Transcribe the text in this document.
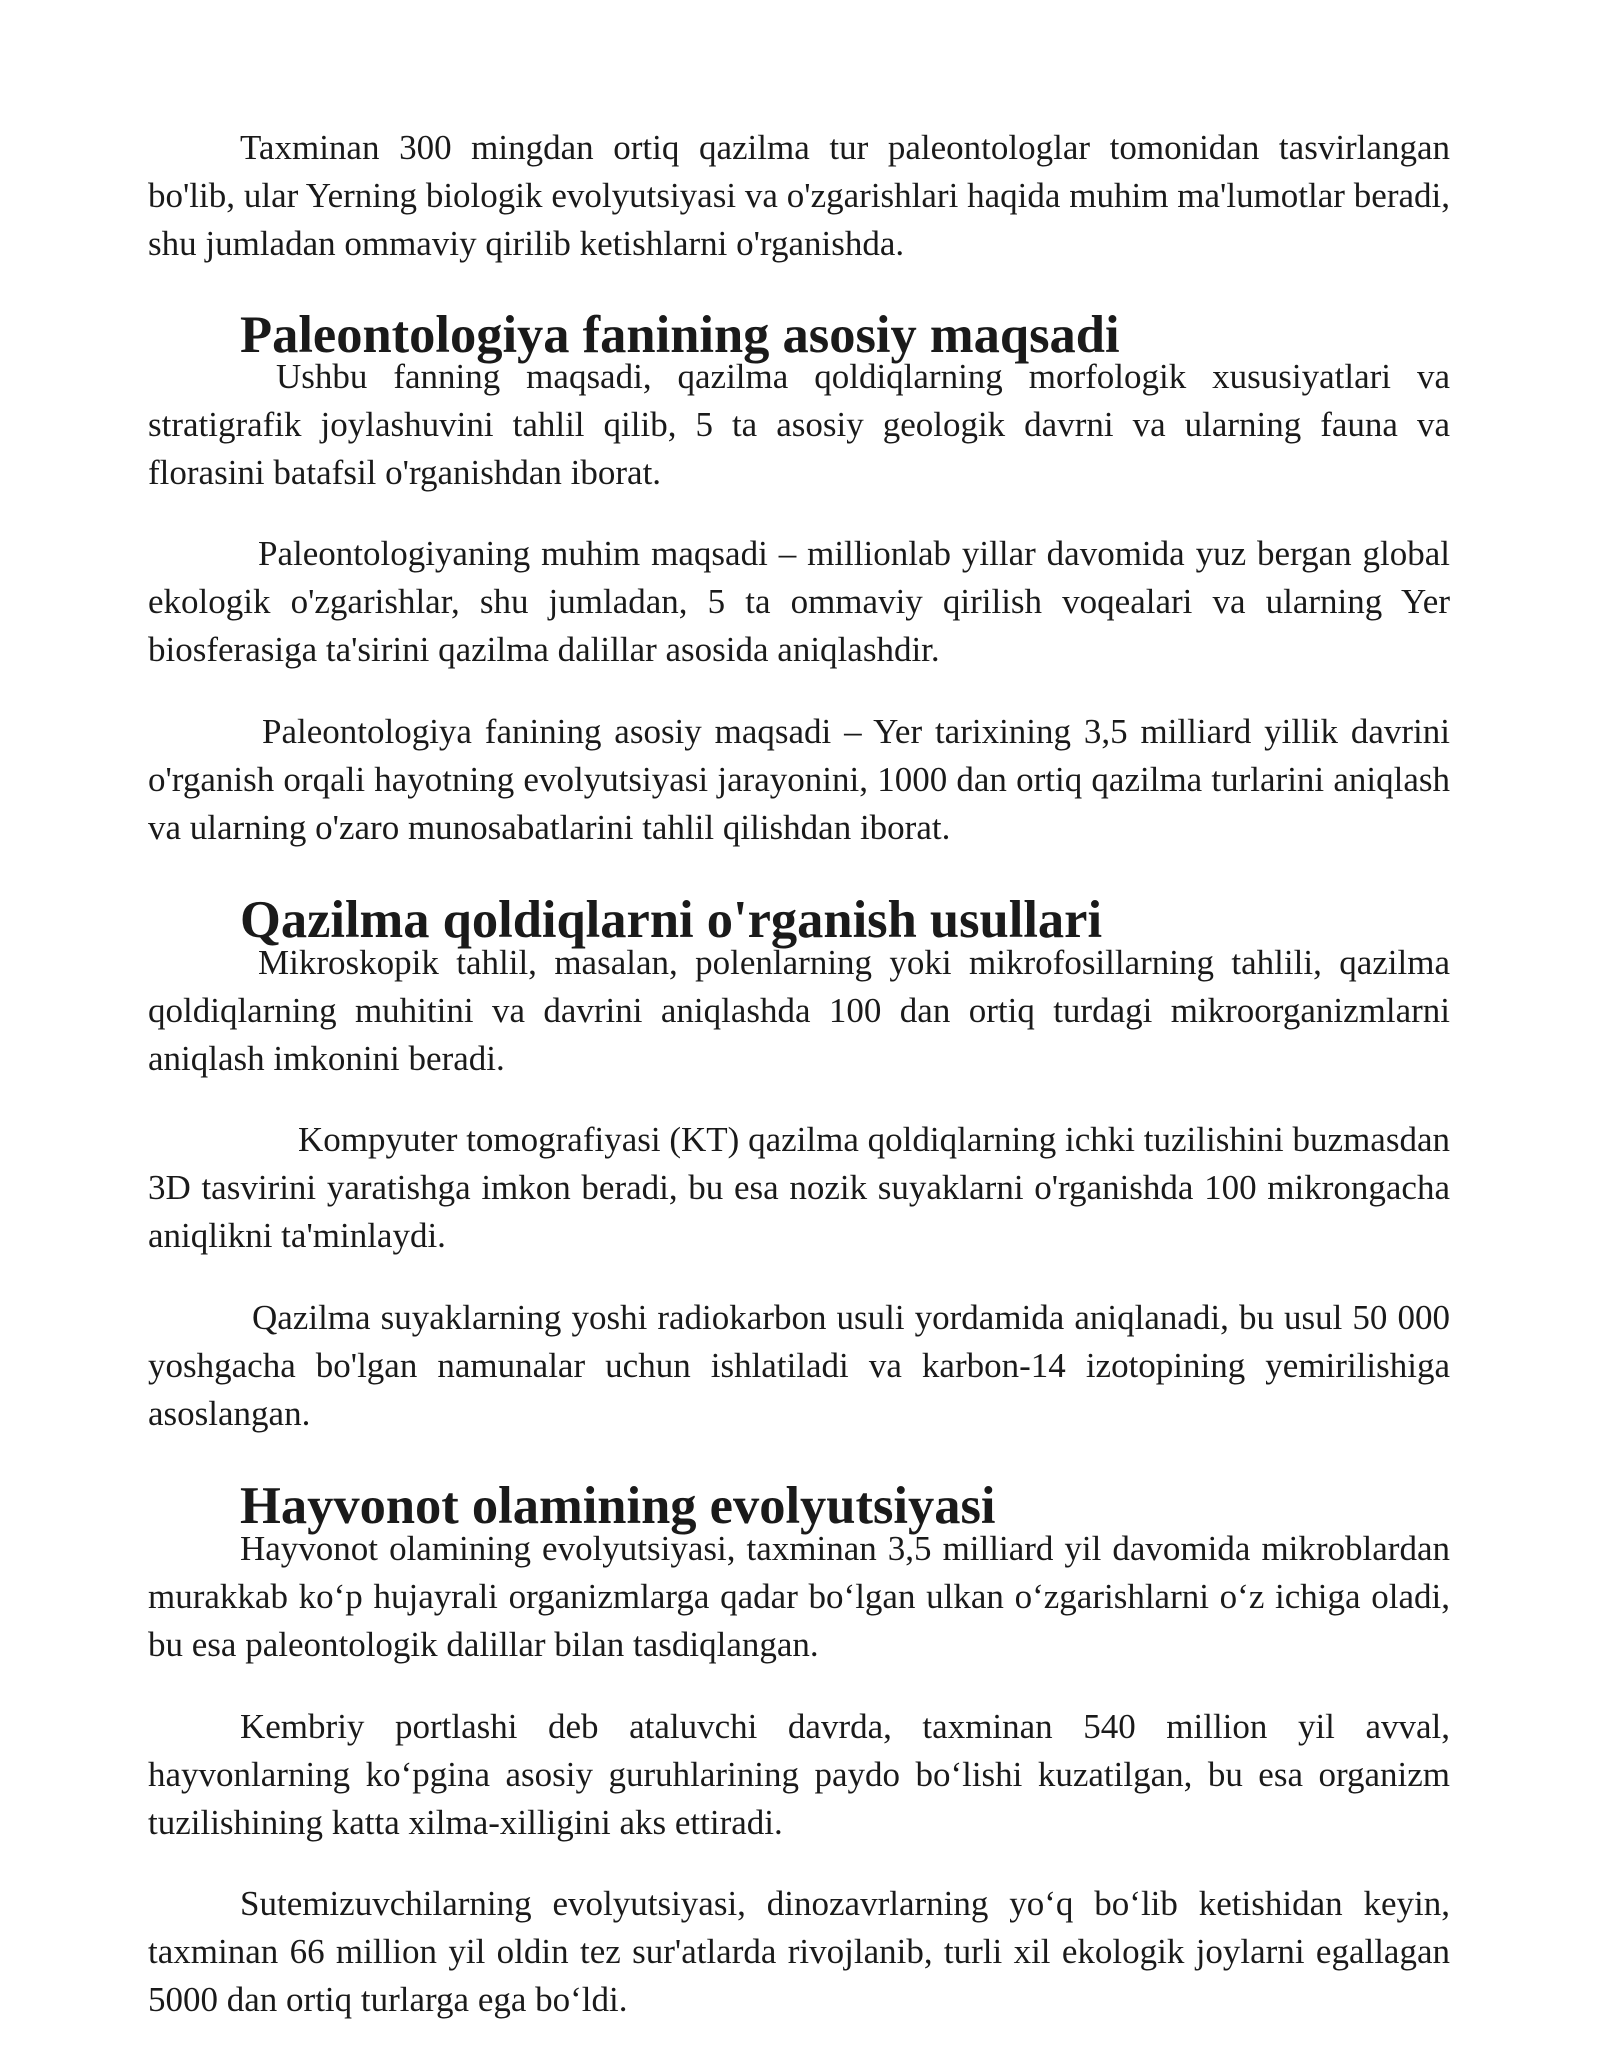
Taxminan 300 mingdan ortiq qazilma tur paleontologlar tomonidan tasvirlangan bo'lib, ular Yerning biologik evolyutsiyasi va o'zgarishlari haqida muhim ma'lumotlar beradi, shu jumladan ommaviy qirilib ketishlarni o'rganishda.

Paleontologiya fanining asosiy maqsadi

Ushbu fanning maqsadi, qazilma qoldiqlarning morfologik xususiyatlari va stratigrafik joylashuvini tahlil qilib, 5 ta asosiy geologik davrni va ularning fauna va florasini batafsil o'rganishdan iborat.

Paleontologiyaning muhim maqsadi – millionlab yillar davomida yuz bergan global ekologik o'zgarishlar, shu jumladan, 5 ta ommaviy qirilish voqealari va ularning Yer biosferasiga ta'sirini qazilma dalillar asosida aniqlashdir.

Paleontologiya fanining asosiy maqsadi – Yer tarixining 3,5 milliard yillik davrini o'rganish orqali hayotning evolyutsiyasi jarayonini, 1000 dan ortiq qazilma turlarini aniqlash va ularning o'zaro munosabatlarini tahlil qilishdan iborat.

Qazilma qoldiqlarni o'rganish usullari

Mikroskopik tahlil, masalan, polenlarning yoki mikrofosillarning tahlili, qazilma qoldiqlarning muhitini va davrini aniqlashda 100 dan ortiq turdagi mikroorganizmlarni aniqlash imkonini beradi.

Kompyuter tomografiyasi (KT) qazilma qoldiqlarning ichki tuzilishini buzmasdan 3D tasvirini yaratishga imkon beradi, bu esa nozik suyaklarni o'rganishda 100 mikrongacha aniqlikni ta'minlaydi.

Qazilma suyaklarning yoshi radiokarbon usuli yordamida aniqlanadi, bu usul 50 000 yoshgacha bo'lgan namunalar uchun ishlatiladi va karbon-14 izotopining yemirilishiga asoslangan.

Hayvonot olamining evolyutsiyasi

Hayvonot olamining evolyutsiyasi, taxminan 3,5 milliard yil davomida mikroblardan murakkab koʻp hujayrali organizmlarga qadar boʻlgan ulkan oʻzgarishlarni oʻz ichiga oladi, bu esa paleontologik dalillar bilan tasdiqlangan.

Kembriy portlashi deb ataluvchi davrda, taxminan 540 million yil avval, hayvonlarning koʻpgina asosiy guruhlarining paydo boʻlishi kuzatilgan, bu esa organizm tuzilishining katta xilma-xilligini aks ettiradi.

Sutemizuvchilarning evolyutsiyasi, dinozavrlarning yoʻq boʻlib ketishidan keyin, taxminan 66 million yil oldin tez sur'atlarda rivojlanib, turli xil ekologik joylarni egallagan 5000 dan ortiq turlarga ega boʻldi.
